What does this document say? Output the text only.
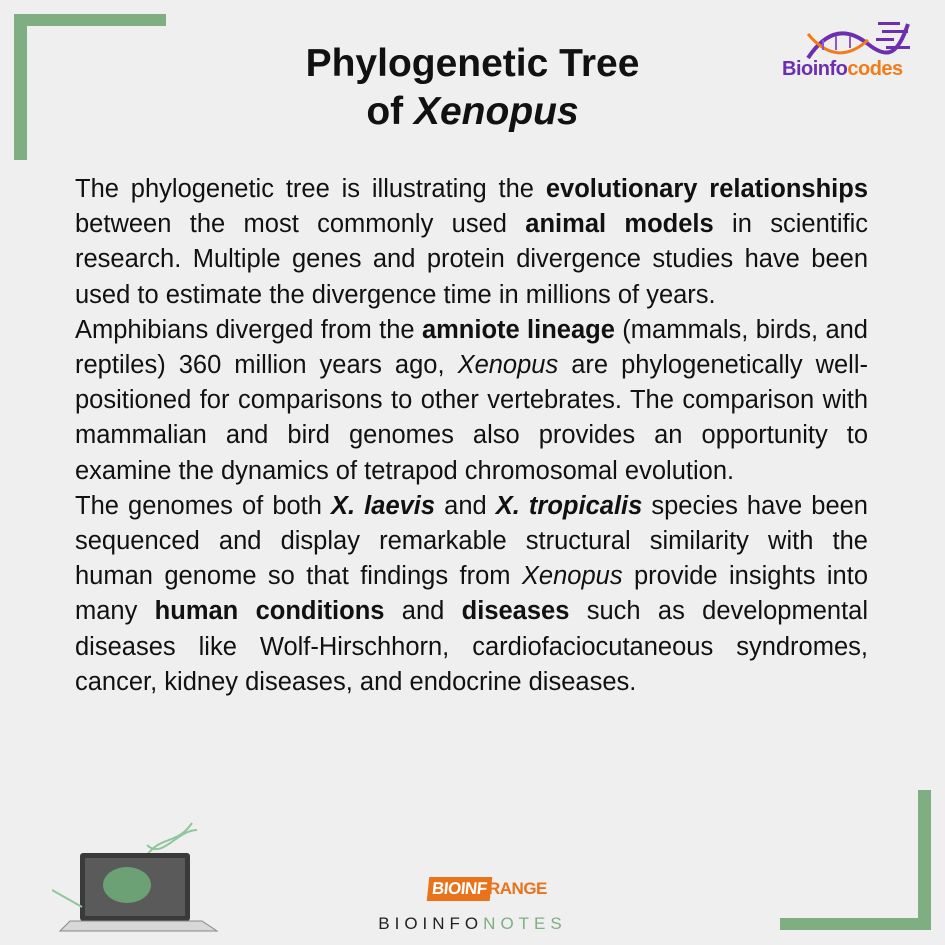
Phylogenetic Tree
of Xenopus
Bioinfocodes

The phylogenetic tree is illustrating the evolutionary relationships between the most commonly used animal models in scientific research. Multiple genes and protein divergence studies have been used to estimate the divergence time in millions of years.

Amphibians diverged from the amniote lineage (mammals, birds, and reptiles) 360 million years ago, Xenopus are phylogenetically well-positioned for comparisons to other vertebrates. The comparison with mammalian and bird genomes also provides an opportunity to examine the dynamics of tetrapod chromosomal evolution.

The genomes of both X. laevis and X. tropicalis species have been sequenced and display remarkable structural similarity with the human genome so that findings from Xenopus provide insights into many human conditions and diseases such as developmental diseases like Wolf-Hirschhorn, cardiofaciocutaneous syndromes, cancer, kidney diseases, and endocrine diseases.

BIOINF RANGE
BIOINFONOTES
